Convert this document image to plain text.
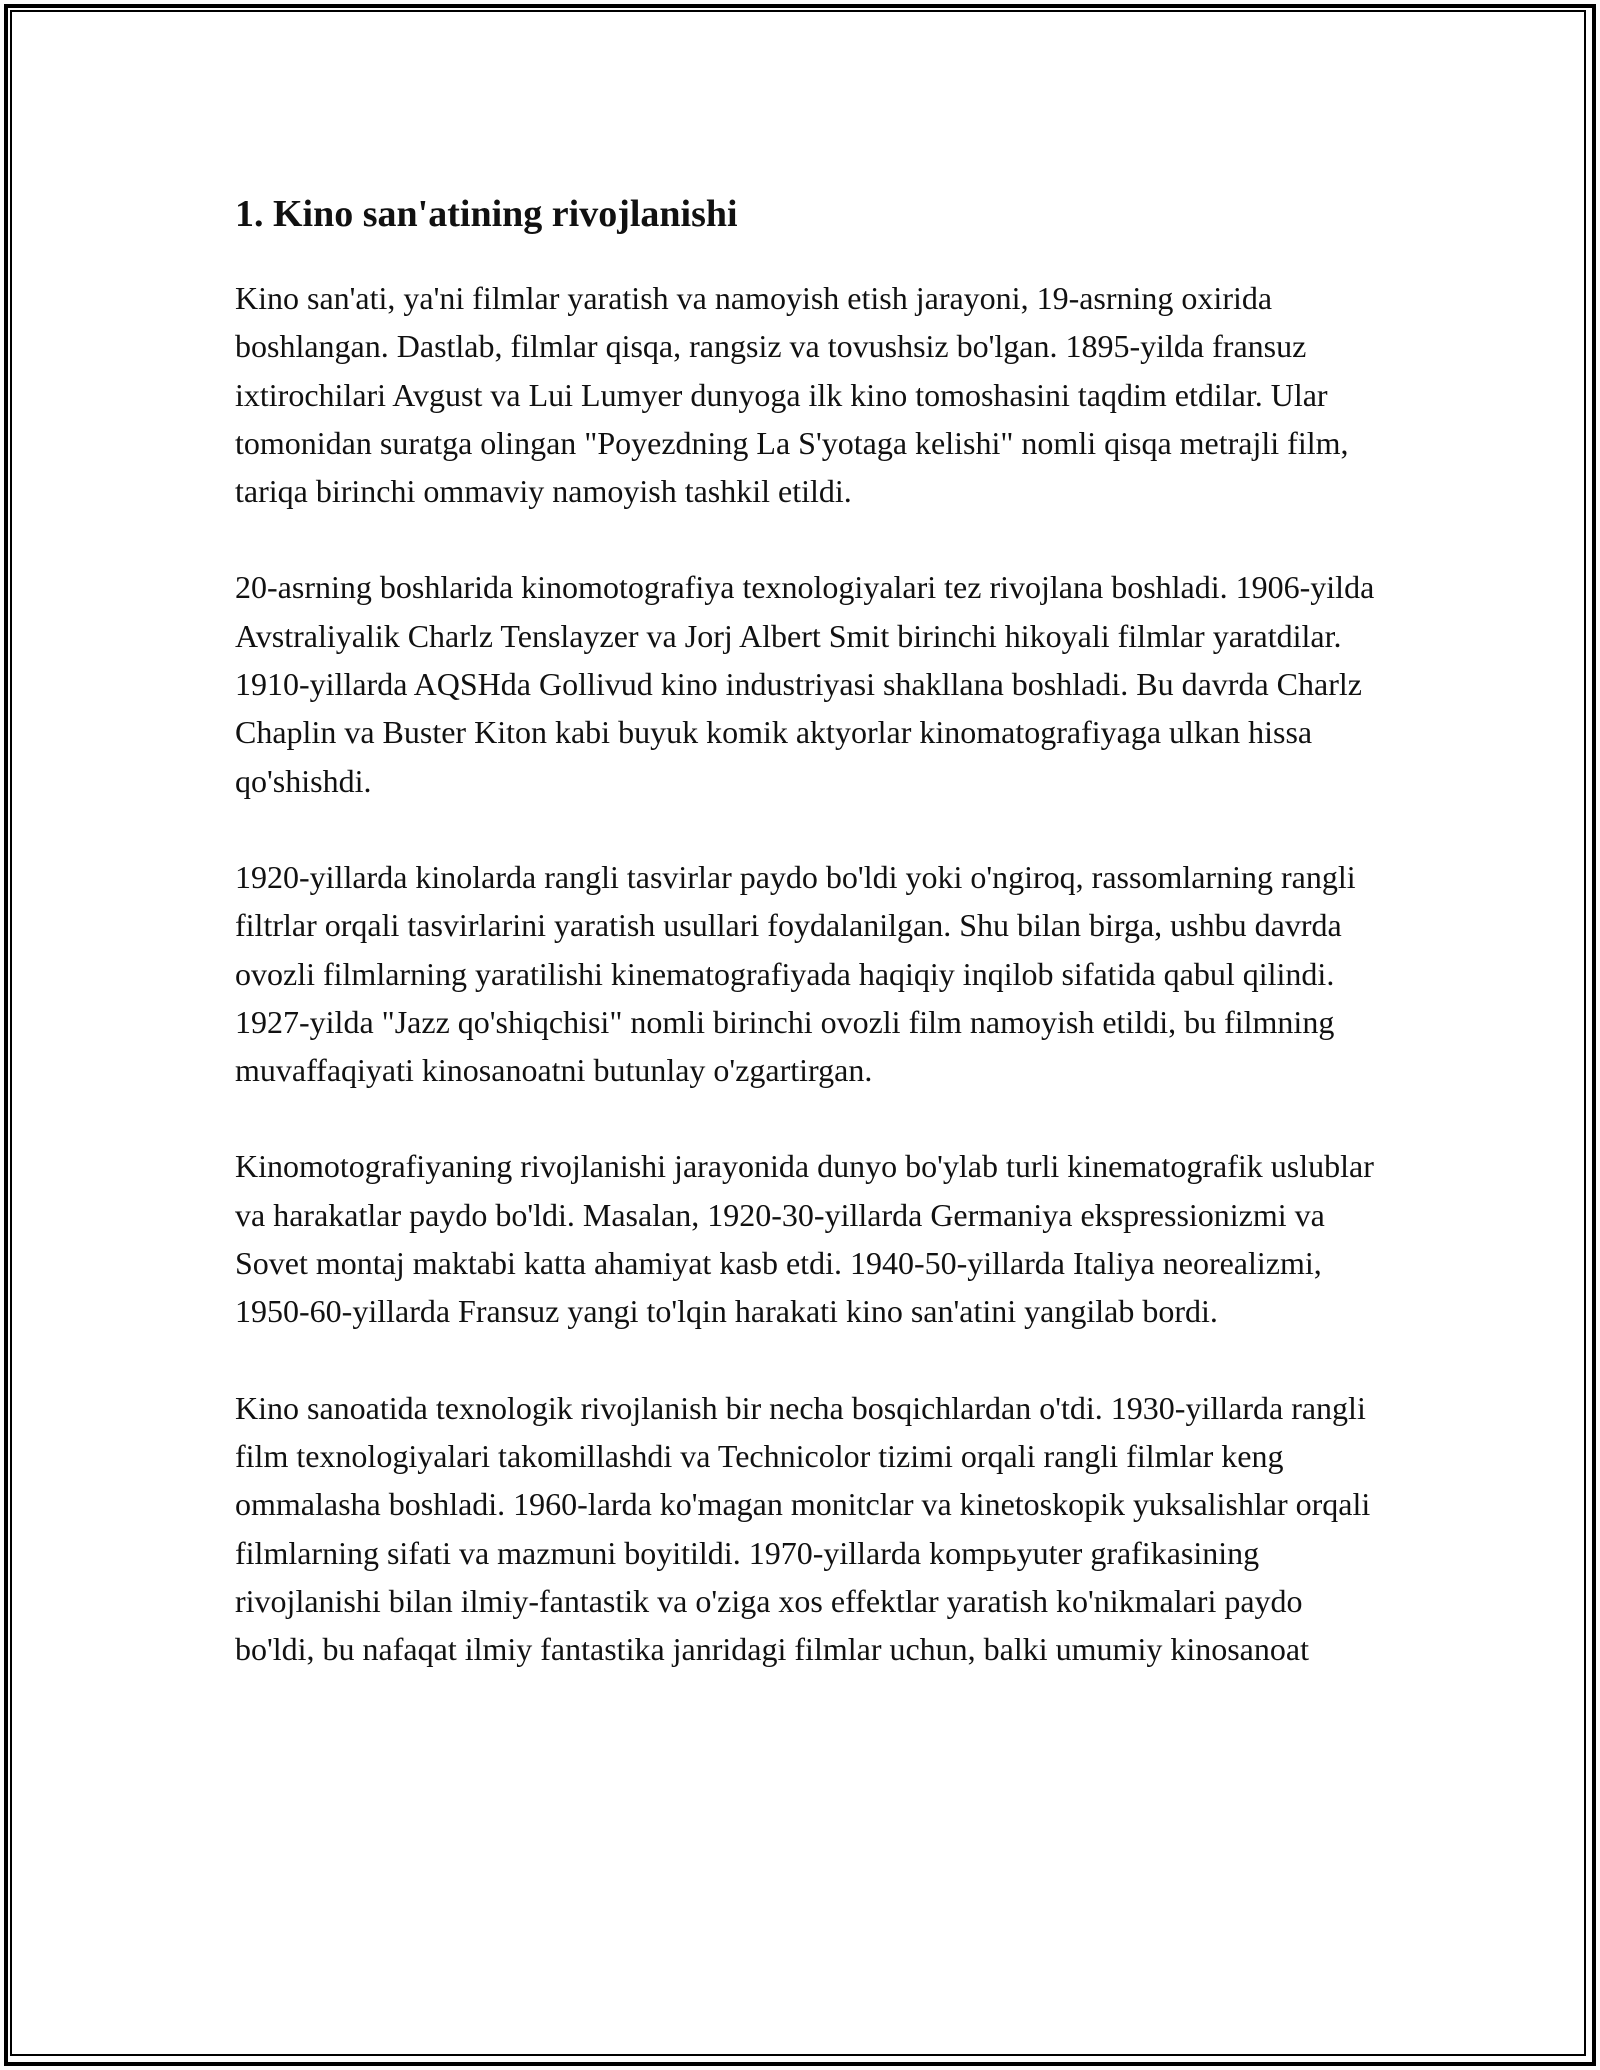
1. Kino san'atining rivojlanishi

Kino san'ati, ya'ni filmlar yaratish va namoyish etish jarayoni, 19-asrning oxirida boshlangan. Dastlab, filmlar qisqa, rangsiz va tovushsiz bo'lgan. 1895-yilda fransuz ixtirochilari Avgust va Lui Lumyer dunyoga ilk kino tomoshasini taqdim etdilar. Ular tomonidan suratga olingan "Poyezdning La S'yotaga kelishi" nomli qisqa metrajli film, tariqa birinchi ommaviy namoyish tashkil etildi.

20-asrning boshlarida kinomotografiya texnologiyalari tez rivojlana boshladi. 1906-yilda Avstraliyalik Charlz Tenslayzer va Jorj Albert Smit birinchi hikoyali filmlar yaratdilar. 1910-yillarda AQSHda Gollivud kino industriyasi shakllana boshladi. Bu davrda Charlz Chaplin va Buster Kiton kabi buyuk komik aktyorlar kinomatografiyaga ulkan hissa qo'shishdi.

1920-yillarda kinolarda rangli tasvirlar paydo bo'ldi yoki o'ngiroq, rassomlarning rangli filtrlar orqali tasvirlarini yaratish usullari foydalanilgan. Shu bilan birga, ushbu davrda ovozli filmlarning yaratilishi kinematografiyada haqiqiy inqilob sifatida qabul qilindi. 1927-yilda "Jazz qo'shiqchisi" nomli birinchi ovozli film namoyish etildi, bu filmning muvaffaqiyati kinosanoatni butunlay o'zgartirgan.

Kinomotografiyaning rivojlanishi jarayonida dunyo bo'ylab turli kinematografik uslublar va harakatlar paydo bo'ldi. Masalan, 1920-30-yillarda Germaniya ekspressionizmi va Sovet montaj maktabi katta ahamiyat kasb etdi. 1940-50-yillarda Italiya neorealizmi, 1950-60-yillarda Fransuz yangi to'lqin harakati kino san'atini yangilab bordi.

Kino sanoatida texnologik rivojlanish bir necha bosqichlardan o'tdi. 1930-yillarda rangli film texnologiyalari takomillashdi va Technicolor tizimi orqali rangli filmlar keng ommalasha boshladi. 1960-larda ko'magan monitclar va kinetoskopik yuksalishlar orqali filmlarning sifati va mazmuni boyitildi. 1970-yillarda kompьyuter grafikasining rivojlanishi bilan ilmiy-fantastik va o'ziga xos effektlar yaratish ko'nikmalari paydo bo'ldi, bu nafaqat ilmiy fantastika janridagi filmlar uchun, balki umumiy kinosanoat
